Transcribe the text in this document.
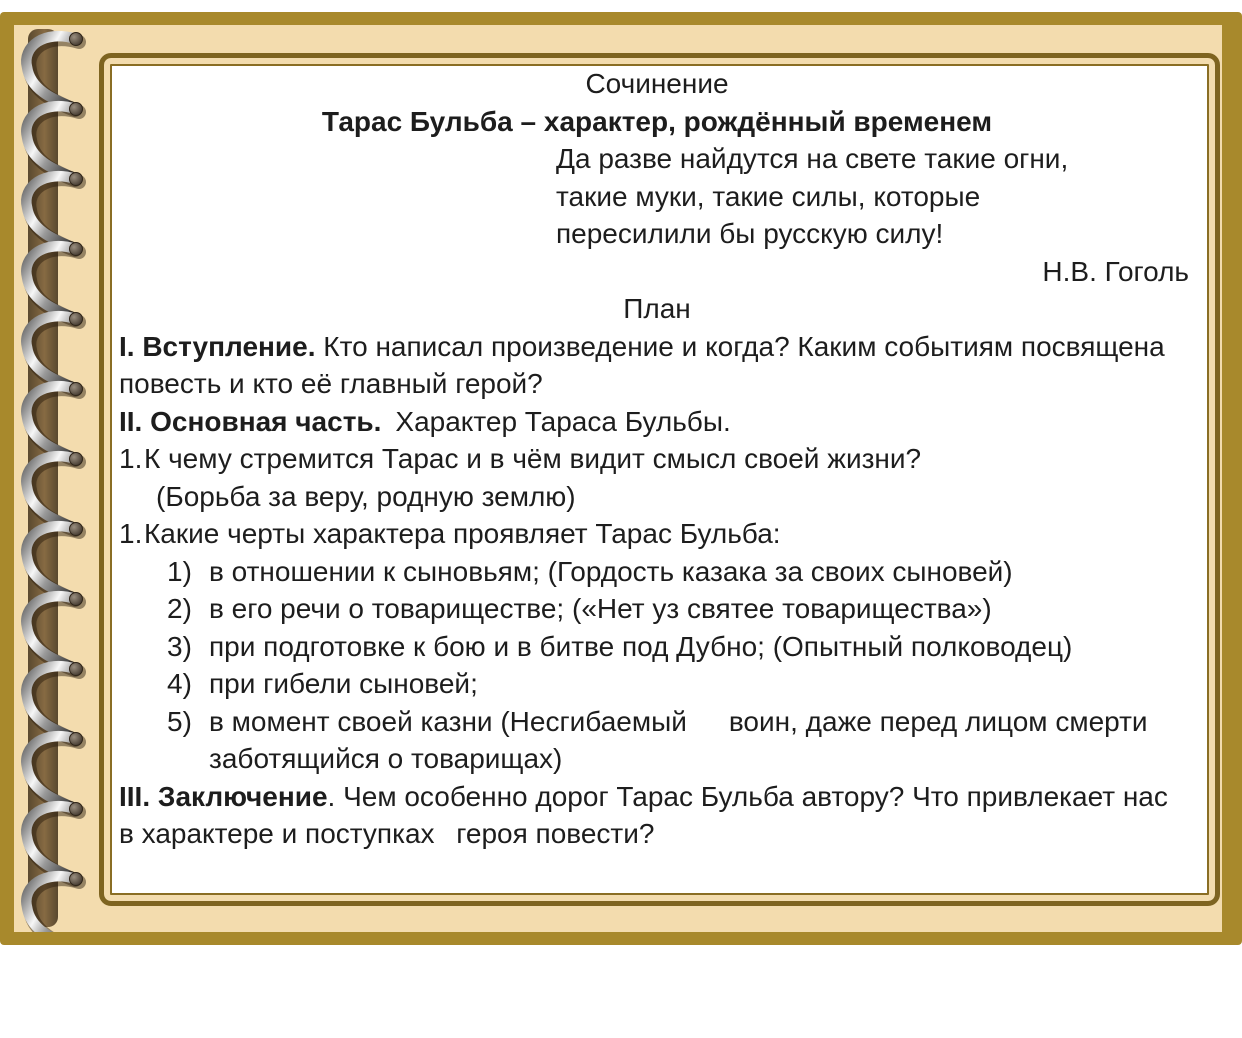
Сочинение
Тарас Бульба – характер, рождённый временем
Да разве найдутся на свете такие огни,
такие муки, такие силы, которые
пересилили бы русскую силу!
Н.В. Гоголь
План
I. Вступление. Кто написал произведение и когда? Каким событиям посвящена повесть и кто её главный герой?
II. Основная часть. Характер Тараса Бульбы.
1. К чему стремится Тарас и в чём видит смысл своей жизни?
(Борьба за веру, родную землю)
1. Какие черты характера проявляет Тарас Бульба:
1) в отношении к сыновьям; (Гордость казака за своих сыновей)
2) в его речи о товариществе; («Нет уз святее товарищества»)
3) при подготовке к бою и в битве под Дубно; (Опытный полководец)
4) при гибели сыновей;
5) в момент своей казни (Несгибаемый  воин, даже перед лицом смерти заботящийся о товарищах)
III. Заключение. Чем особенно дорог Тарас Бульба автору? Что привлекает нас в характере и поступках  героя повести?
